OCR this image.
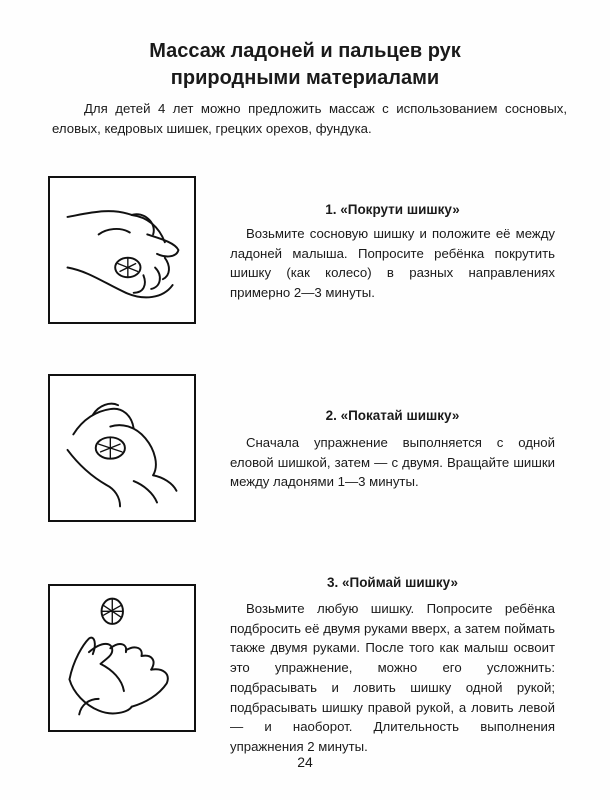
Массаж ладоней и пальцев рук
природными материалами

Для детей 4 лет можно предложить массаж с использованием сосновых, еловых, кедровых шишек, грецких орехов, фундука.

1. «Покрути шишку»

Возьмите сосновую шишку и положите её между ладоней малыша. Попросите ребёнка покрутить шишку (как колесо) в разных направлениях примерно 2—3 минуты.

2. «Покатай шишку»

Сначала упражнение выполняется с одной еловой шишкой, затем — с двумя. Вращайте шишки между ладонями 1—3 минуты.

3. «Поймай шишку»

Возьмите любую шишку. Попросите ребёнка подбросить её двумя руками вверх, а затем поймать также двумя руками. После того как малыш освоит это упражнение, можно его усложнить: подбрасывать и ловить шишку одной рукой; подбрасывать шишку правой рукой, а ловить левой — и наоборот. Длительность выполнения упражнения 2 минуты.

24
